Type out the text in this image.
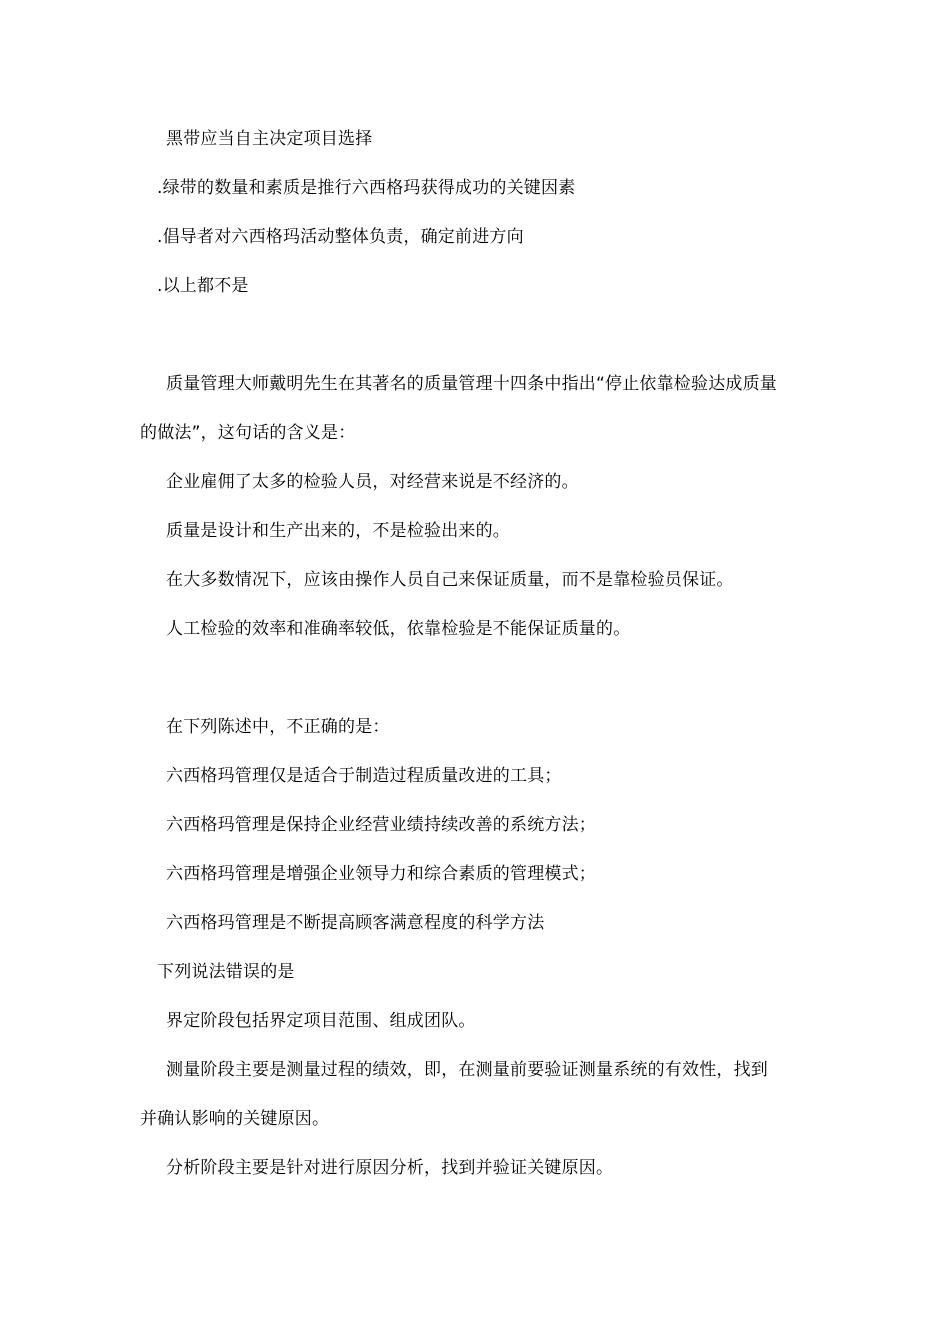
黑带应当自主决定项目选择
.绿带的数量和素质是推行六西格玛获得成功的关键因素
.倡导者对六西格玛活动整体负责，确定前进方向
.以上都不是
质量管理大师戴明先生在其著名的质量管理十四条中指出“停止依靠检验达成质量
的做法”，这句话的含义是：
企业雇佣了太多的检验人员，对经营来说是不经济的。
质量是设计和生产出来的，不是检验出来的。
在大多数情况下，应该由操作人员自己来保证质量，而不是靠检验员保证。
人工检验的效率和准确率较低，依靠检验是不能保证质量的。
在下列陈述中，不正确的是：
六西格玛管理仅是适合于制造过程质量改进的工具；
六西格玛管理是保持企业经营业绩持续改善的系统方法；
六西格玛管理是增强企业领导力和综合素质的管理模式；
六西格玛管理是不断提高顾客满意程度的科学方法
下列说法错误的是
界定阶段包括界定项目范围、组成团队。
测量阶段主要是测量过程的绩效，即，在测量前要验证测量系统的有效性，找到
并确认影响的关键原因。
分析阶段主要是针对进行原因分析，找到并验证关键原因。
